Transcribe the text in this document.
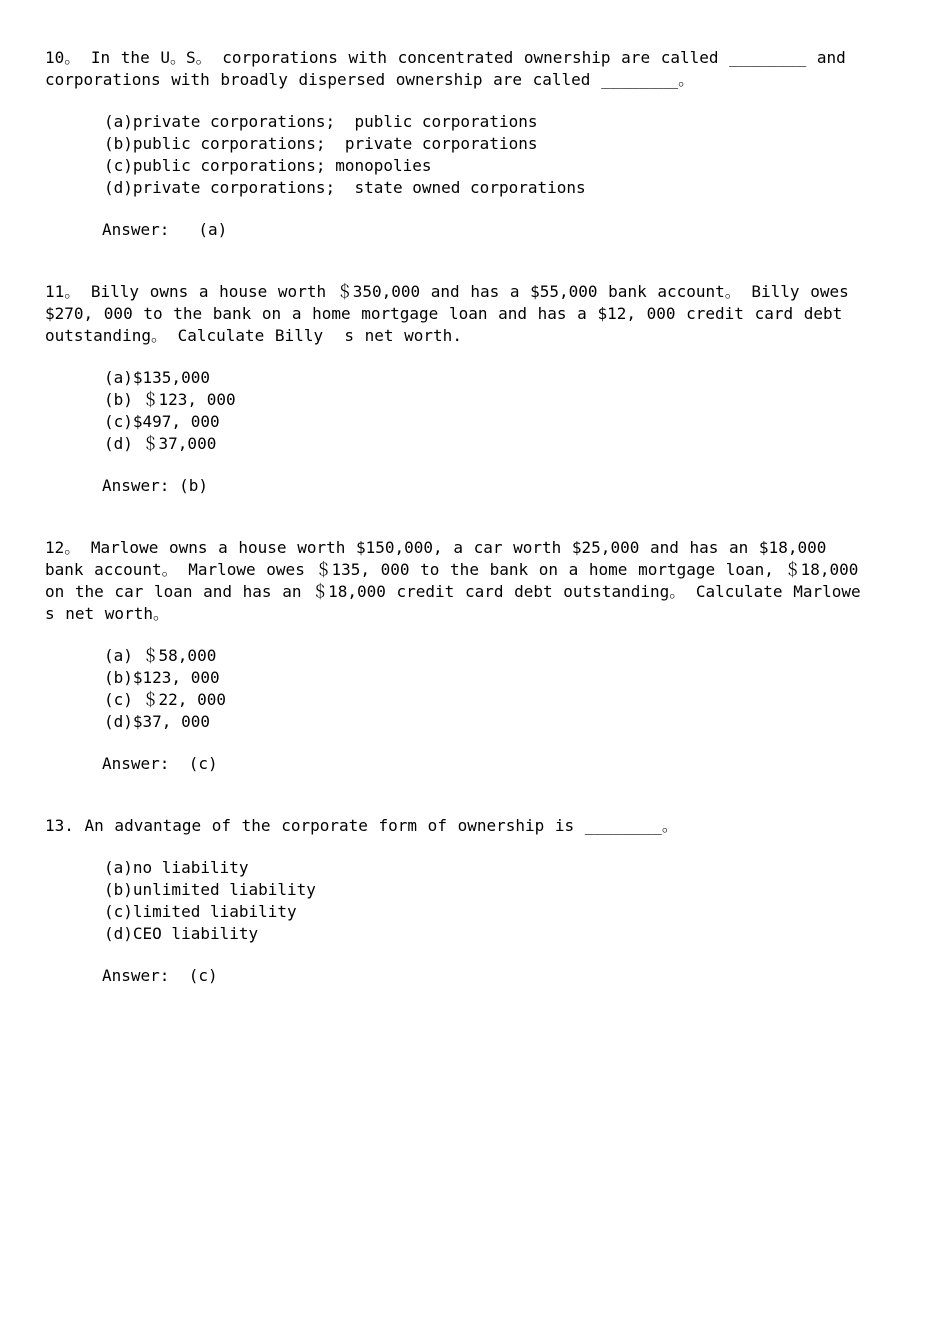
10。 In the U。S。 corporations with concentrated ownership are called ________ and corporations with broadly dispersed ownership are called ________。
(a)private corporations;  public corporations
(b)public corporations;  private corporations
(c)public corporations; monopolies
(d)private corporations;  state owned corporations
Answer:   (a)
11。 Billy owns a house worth ＄350,000 and has a $55,000 bank account。 Billy owes $270, 000 to the bank on a home mortgage loan and has a $12, 000 credit card debt outstanding。 Calculate Billy  s net worth.
(a)$135,000
(b) ＄123, 000
(c)$497, 000
(d) ＄37,000
Answer: (b)
12。 Marlowe owns a house worth $150,000, a car worth $25,000 and has an $18,000 bank account。 Marlowe owes ＄135, 000 to the bank on a home mortgage loan, ＄18,000 on the car loan and has an ＄18,000 credit card debt outstanding。 Calculate Marlowe  s net worth。
(a) ＄58,000
(b)$123, 000
(c) ＄22, 000
(d)$37, 000
Answer:  (c)
13. An advantage of the corporate form of ownership is ________。
(a)no liability
(b)unlimited liability
(c)limited liability
(d)CEO liability
Answer:  (c)
